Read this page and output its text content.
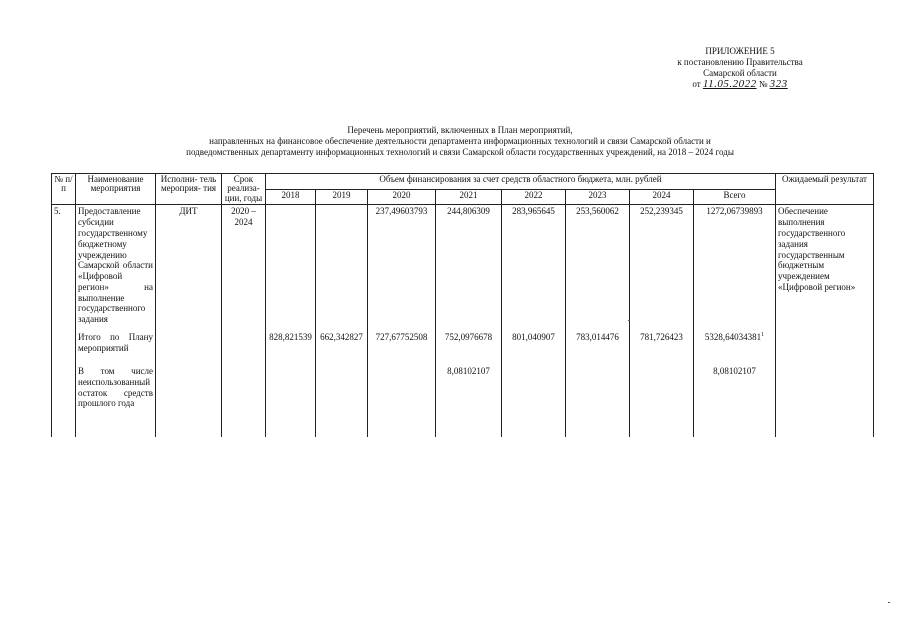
ПРИЛОЖЕНИЕ 5
к постановлению Правительства
Самарской области
от 11.05.2022 № 323
Перечень мероприятий, включенных в План мероприятий,
направленных на финансовое обеспечение деятельности департамента информационных технологий и связи Самарской области и
подведомственных департаменту информационных технологий и связи Самарской области государственных учреждений, на 2018 – 2024 годы
№ п/п	Наименование мероприятия	Исполни- тель мероприя- тия	Срок реализа- ции, годы	Объем финансирования за счет средств областного бюджета, млн. рублей								Ожидаемый результат
				2018	2019	2020	2021	2022	2023	2024	Всего	
5.	Предоставление субсидии государственному бюджетному учреждению Самарской области «Цифровой регион» на выполнение государственного задания	ДИТ	2020 – 2024			237,49603793	244,806309	283,965645	253,560062	252,239345	1272,06739893	Обеспечение выполнения государственного задания государственным бюджетным учреждением «Цифровой регион»
	Итого по Плану мероприятий			828,821539	662,342827	727,67752508	752,0976678	801,040907	783,014476	781,726423	5328,64034381$^1$	
	В том числе неиспользованный остаток средств прошлого года						8,08102107				8,08102107	
